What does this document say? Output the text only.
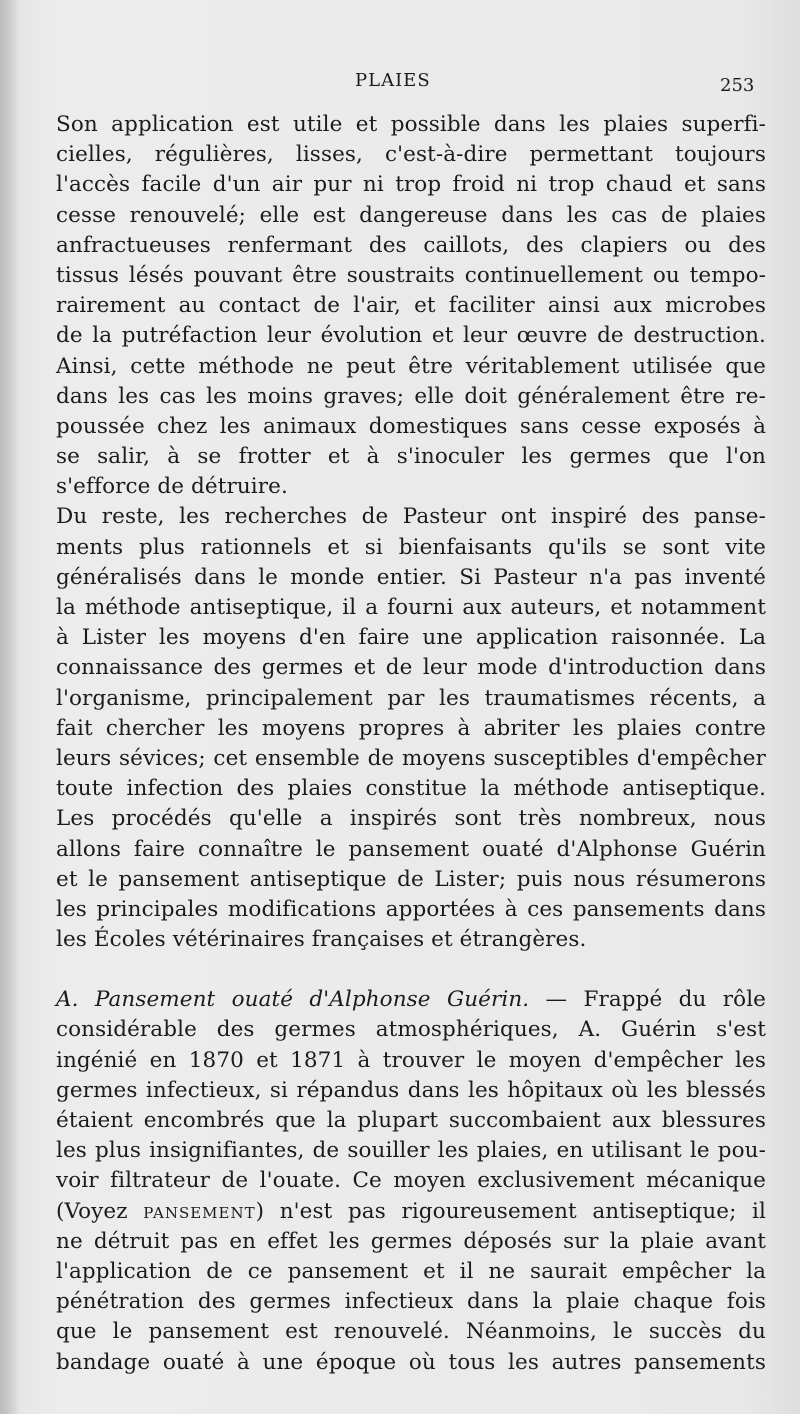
PLAIES	253
Son application est utile et possible dans les plaies superfi-
cielles, régulières, lisses, c'est-à-dire permettant toujours
l'accès facile d'un air pur ni trop froid ni trop chaud et sans
cesse renouvelé; elle est dangereuse dans les cas de plaies
anfractueuses renfermant des caillots, des clapiers ou des
tissus lésés pouvant être soustraits continuellement ou tempo-
rairement au contact de l'air, et faciliter ainsi aux microbes
de la putréfaction leur évolution et leur œuvre de destruction.
Ainsi, cette méthode ne peut être véritablement utilisée que
dans les cas les moins graves; elle doit généralement être re-
poussée chez les animaux domestiques sans cesse exposés à
se salir, à se frotter et à s'inoculer les germes que l'on
s'efforce de détruire.
Du reste, les recherches de Pasteur ont inspiré des panse-
ments plus rationnels et si bienfaisants qu'ils se sont vite
généralisés dans le monde entier. Si Pasteur n'a pas inventé
la méthode antiseptique, il a fourni aux auteurs, et notamment
à Lister les moyens d'en faire une application raisonnée. La
connaissance des germes et de leur mode d'introduction dans
l'organisme, principalement par les traumatismes récents, a
fait chercher les moyens propres à abriter les plaies contre
leurs sévices; cet ensemble de moyens susceptibles d'empêcher
toute infection des plaies constitue la méthode antiseptique.
Les procédés qu'elle a inspirés sont très nombreux, nous
allons faire connaître le pansement ouaté d'Alphonse Guérin
et le pansement antiseptique de Lister; puis nous résumerons
les principales modifications apportées à ces pansements dans
les Écoles vétérinaires françaises et étrangères.
A. Pansement ouaté d'Alphonse Guérin. — Frappé du rôle
considérable des germes atmosphériques, A. Guérin s'est
ingénié en 1870 et 1871 à trouver le moyen d'empêcher les
germes infectieux, si répandus dans les hôpitaux où les blessés
étaient encombrés que la plupart succombaient aux blessures
les plus insignifiantes, de souiller les plaies, en utilisant le pou-
voir filtrateur de l'ouate. Ce moyen exclusivement mécanique
(Voyez pansement) n'est pas rigoureusement antiseptique; il
ne détruit pas en effet les germes déposés sur la plaie avant
l'application de ce pansement et il ne saurait empêcher la
pénétration des germes infectieux dans la plaie chaque fois
que le pansement est renouvelé. Néanmoins, le succès du
bandage ouaté à une époque où tous les autres pansements
